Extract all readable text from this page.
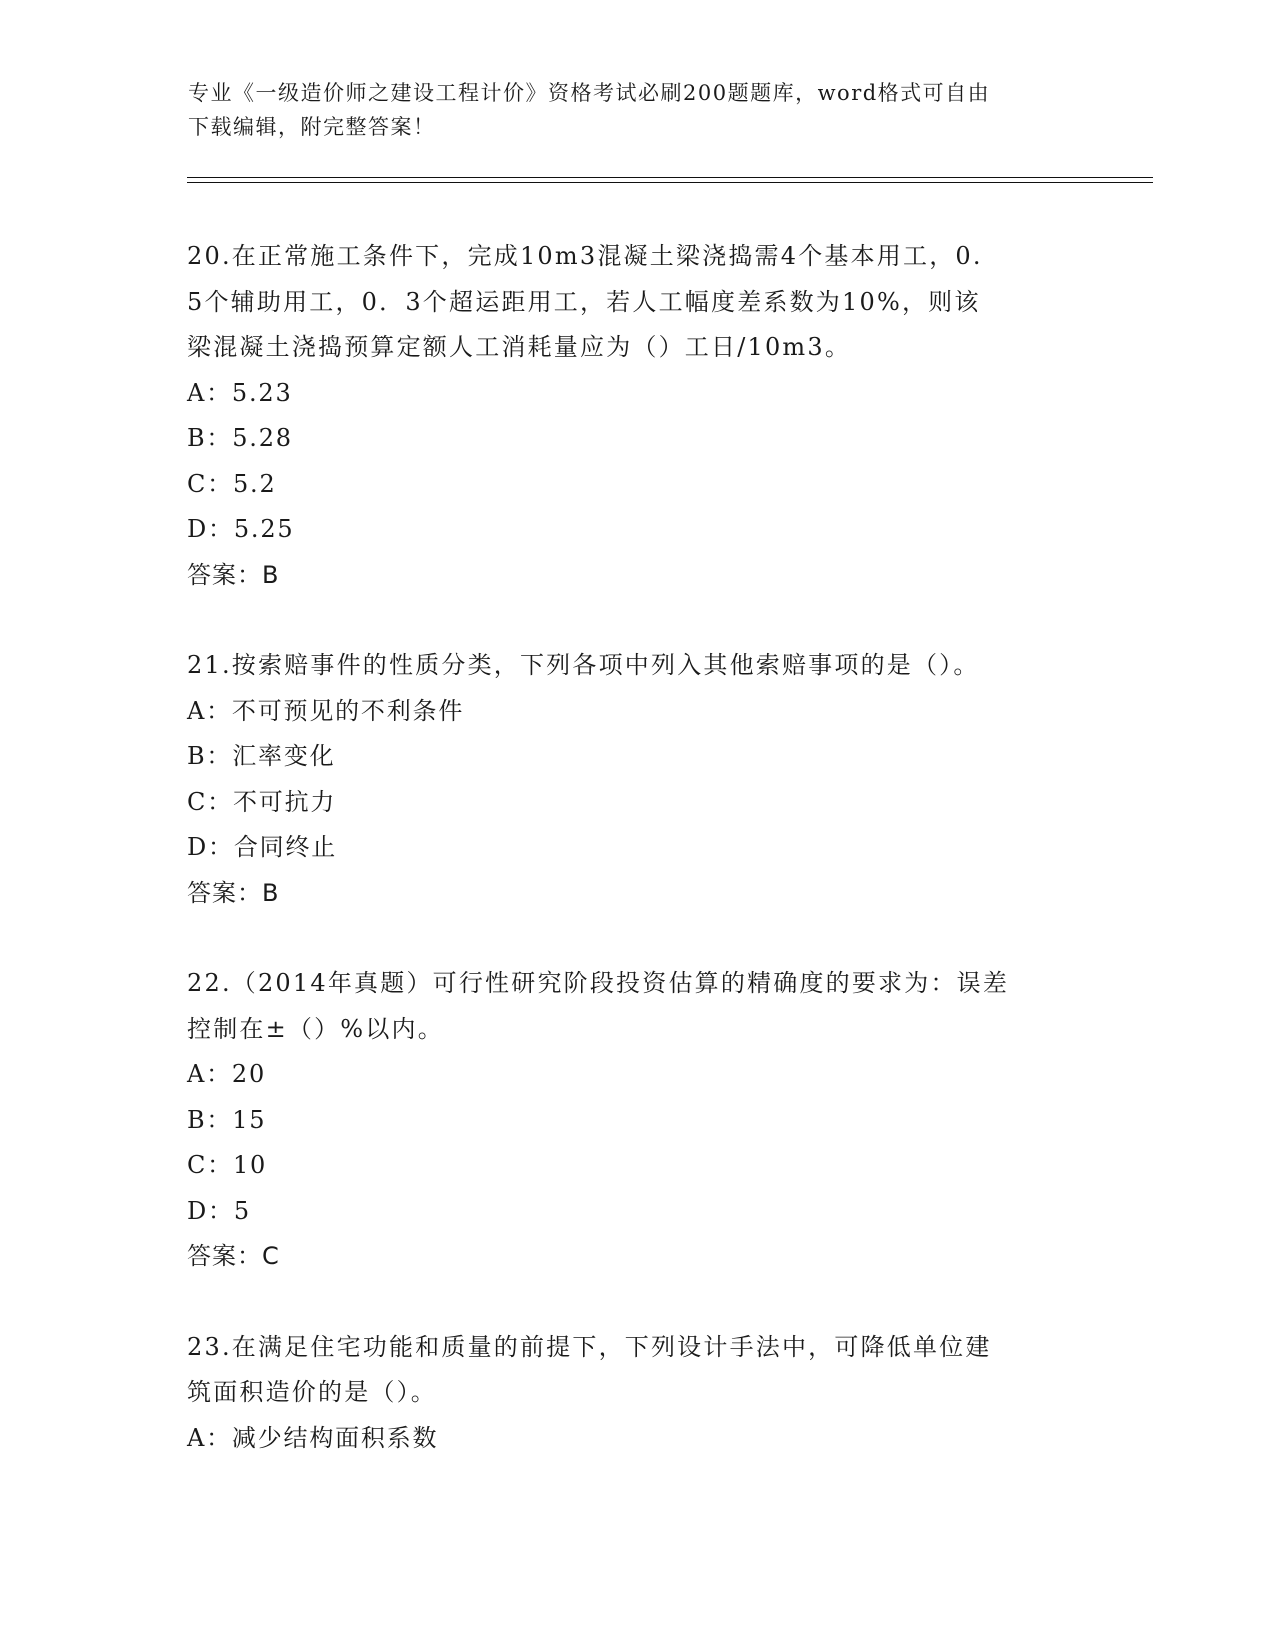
专业《一级造价师之建设工程计价》资格考试必刷200题题库，word格式可自由
下载编辑，附完整答案！
20.在正常施工条件下，完成10m3混凝土梁浇捣需4个基本用工，0.
5个辅助用工，0．3个超运距用工，若人工幅度差系数为10%，则该
梁混凝土浇捣预算定额人工消耗量应为（）工日/10m3。
A：5.23
B：5.28
C：5.2
D：5.25
答案：B
21.按索赔事件的性质分类，下列各项中列入其他索赔事项的是（）。
A：不可预见的不利条件
B：汇率变化
C：不可抗力
D：合同终止
答案：B
22.（2014年真题）可行性研究阶段投资估算的精确度的要求为：误差
控制在±（）%以内。
A：20
B：15
C：10
D：5
答案：C
23.在满足住宅功能和质量的前提下，下列设计手法中，可降低单位建
筑面积造价的是（）。
A：减少结构面积系数
